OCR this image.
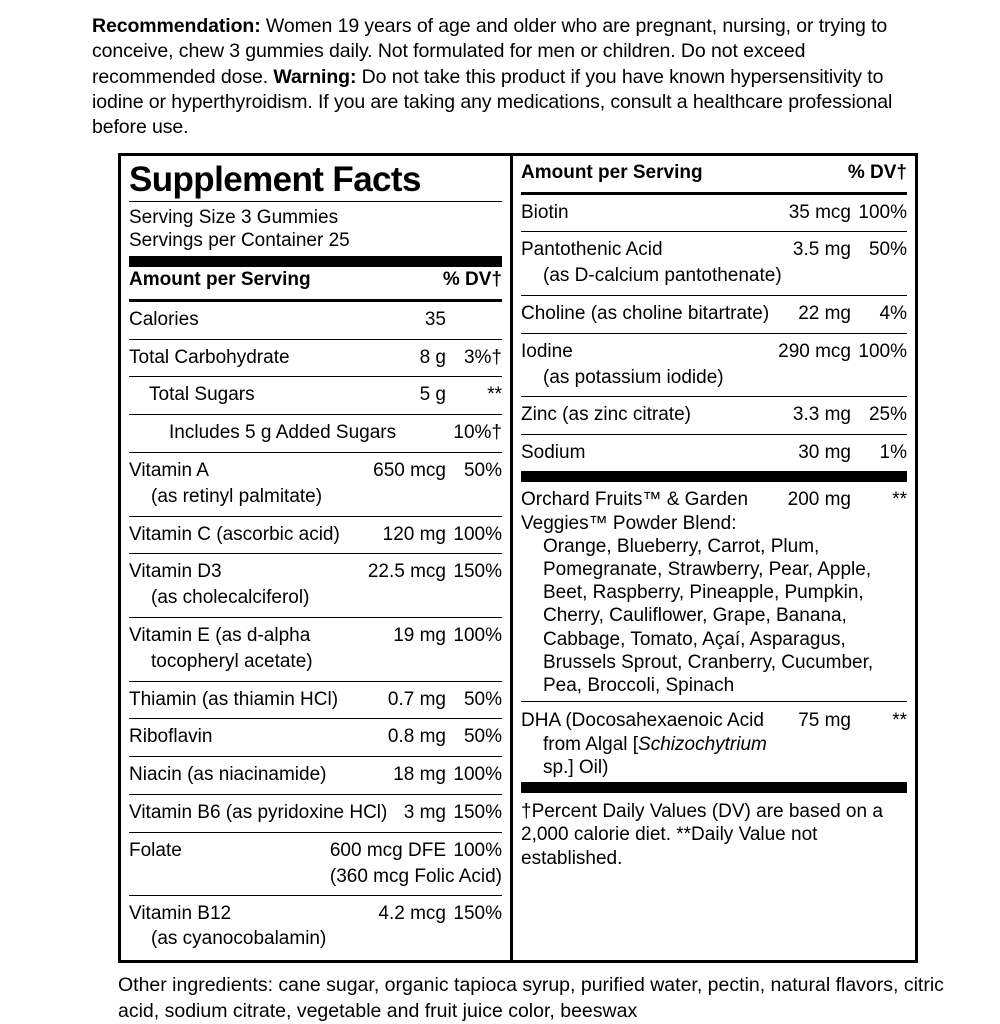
Recommendation: Women 19 years of age and older who are pregnant, nursing, or trying to conceive, chew 3 gummies daily. Not formulated for men or children. Do not exceed recommended dose. Warning: Do not take this product if you have known hypersensitivity to iodine or hyperthyroidism. If you are taking any medications, consult a healthcare professional before use.

Supplement Facts
Serving Size 3 Gummies
Servings per Container 25
Amount per Serving	% DV†
Calories	35
Total Carbohydrate	8 g 3%†
Total Sugars	5 g	**
Includes 5 g Added Sugars	10%†
Vitamin A	650 mcg 50%
(as retinyl palmitate)
Vitamin C (ascorbic acid)	120 mg 100%
Vitamin D3	22.5 mcg 150%
(as cholecalciferol)
Vitamin E (as d-alpha	19 mg 100%
tocopheryl acetate)
Thiamin (as thiamin HCl)	0.7 mg 50%
Riboflavin	0.8 mg 50%
Niacin (as niacinamide)	18 mg 100%
Vitamin B6 (as pyridoxine HCl) 3 mg 150%
Folate	600 mcg DFE 100%
(360 mcg Folic Acid)
Vitamin B12	4.2 mcg 150%
(as cyanocobalamin)
Amount per Serving	% DV†
Biotin	35 mcg 100%
Pantothenic Acid	3.5 mg 50%
(as D-calcium pantothenate)
Choline (as choline bitartrate)	22 mg	4%
Iodine	290 mcg 100%
(as potassium iodide)
Zinc (as zinc citrate)	3.3 mg 25%
Sodium	30 mg	1%
Orchard Fruits™ & Garden	200 mg	**
Veggies™ Powder Blend:
Orange, Blueberry, Carrot, Plum, Pomegranate, Strawberry, Pear, Apple, Beet, Raspberry, Pineapple, Pumpkin, Cherry, Cauliflower, Grape, Banana, Cabbage, Tomato, Açaí, Asparagus, Brussels Sprout, Cranberry, Cucumber, Pea, Broccoli, Spinach
DHA (Docosahexaenoic Acid	75 mg	**
from Algal [Schizochytrium
sp.] Oil)
†Percent Daily Values (DV) are based on a 2,000 calorie diet. **Daily Value not established.

Other ingredients: cane sugar, organic tapioca syrup, purified water, pectin, natural flavors, citric acid, sodium citrate, vegetable and fruit juice color, beeswax
